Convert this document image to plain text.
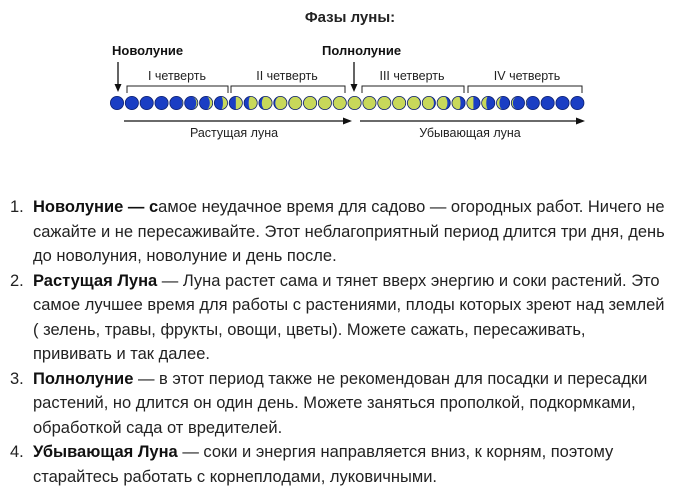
Фазы луны:
Новолуние	Полнолуние
I четверть	II четверть	III четверть	IV четверть
Растущая луна	Убывающая луна
1. Новолуние — самое неудачное время для садово — огородных работ. Ничего не сажайте и не пересаживайте. Этот неблагоприятный период длится три дня, день до новолуния, новолуние и день после.
2. Растущая Луна — Луна растет сама и тянет вверх энергию и соки растений. Это самое лучшее время для работы с растениями, плоды которых зреют над землей ( зелень, травы, фрукты, овощи, цветы). Можете сажать, пересаживать, прививать и так далее.
3. Полнолуние — в этот период также не рекомендован для посадки и пересадки растений, но длится он один день. Можете заняться прополкой, подкормками, обработкой сада от вредителей.
4. Убывающая Луна — соки и энергия направляется вниз, к корням, поэтому старайтесь работать с корнеплодами, луковичными.
